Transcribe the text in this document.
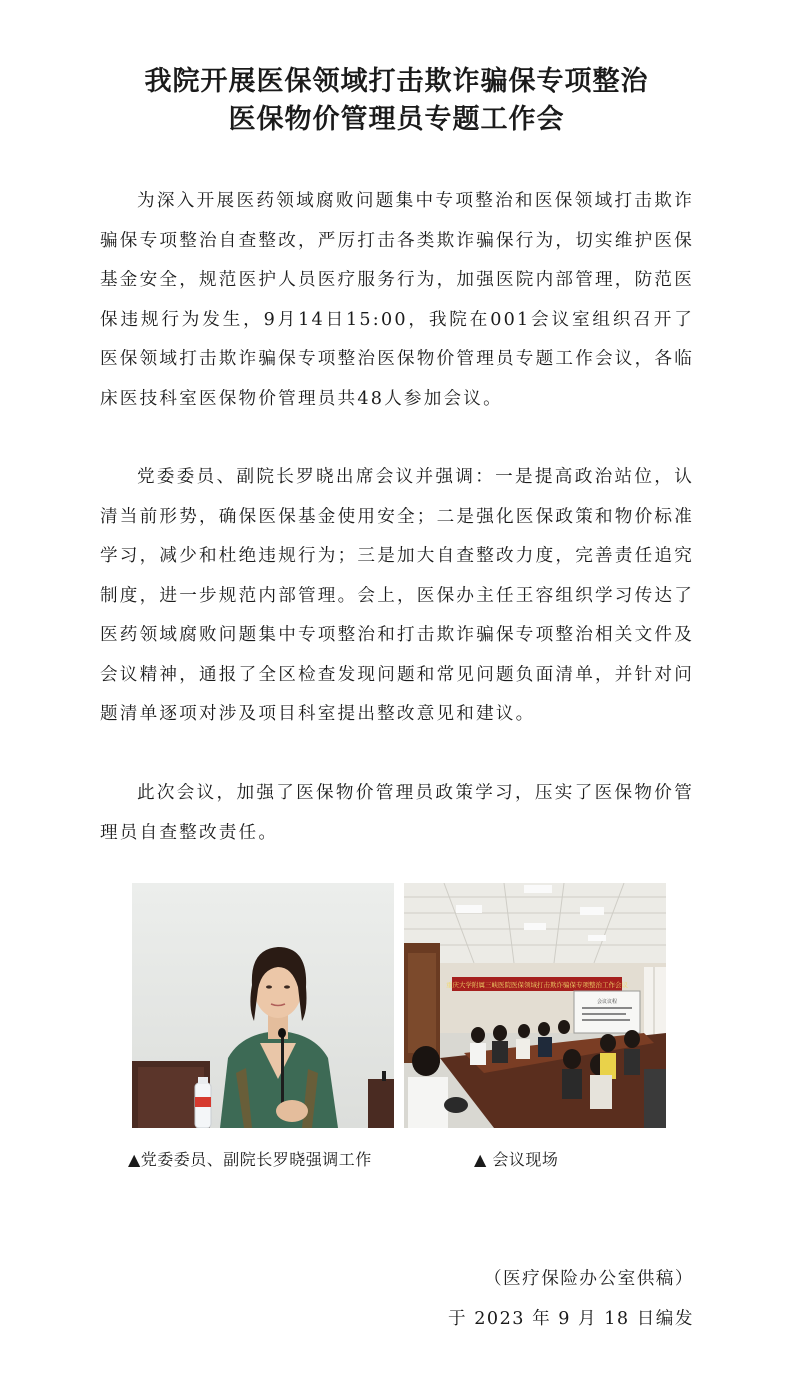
我院开展医保领域打击欺诈骗保专项整治
医保物价管理员专题工作会

为深入开展医药领域腐败问题集中专项整治和医保领域打击欺诈骗保专项整治自查整改，严厉打击各类欺诈骗保行为，切实维护医保基金安全，规范医护人员医疗服务行为，加强医院内部管理，防范医保违规行为发生，9月14日15:00，我院在001会议室组织召开了医保领域打击欺诈骗保专项整治医保物价管理员专题工作会议，各临床医技科室医保物价管理员共48人参加会议。

党委委员、副院长罗晓出席会议并强调：一是提高政治站位，认清当前形势，确保医保基金使用安全；二是强化医保政策和物价标准学习，减少和杜绝违规行为；三是加大自查整改力度，完善责任追究制度，进一步规范内部管理。会上，医保办主任王容组织学习传达了医药领域腐败问题集中专项整治和打击欺诈骗保专项整治相关文件及会议精神，通报了全区检查发现问题和常见问题负面清单，并针对问题清单逐项对涉及项目科室提出整改意见和建议。

此次会议，加强了医保物价管理员政策学习，压实了医保物价管理员自查整改责任。

重庆大学附属三峡医院医保领域打击欺诈骗保专项整治工作会议
会议议程
▲党委委员、副院长罗晓强调工作	▲ 会议现场
（医疗保险办公室供稿）
于 2023 年 9 月 18 日编发
